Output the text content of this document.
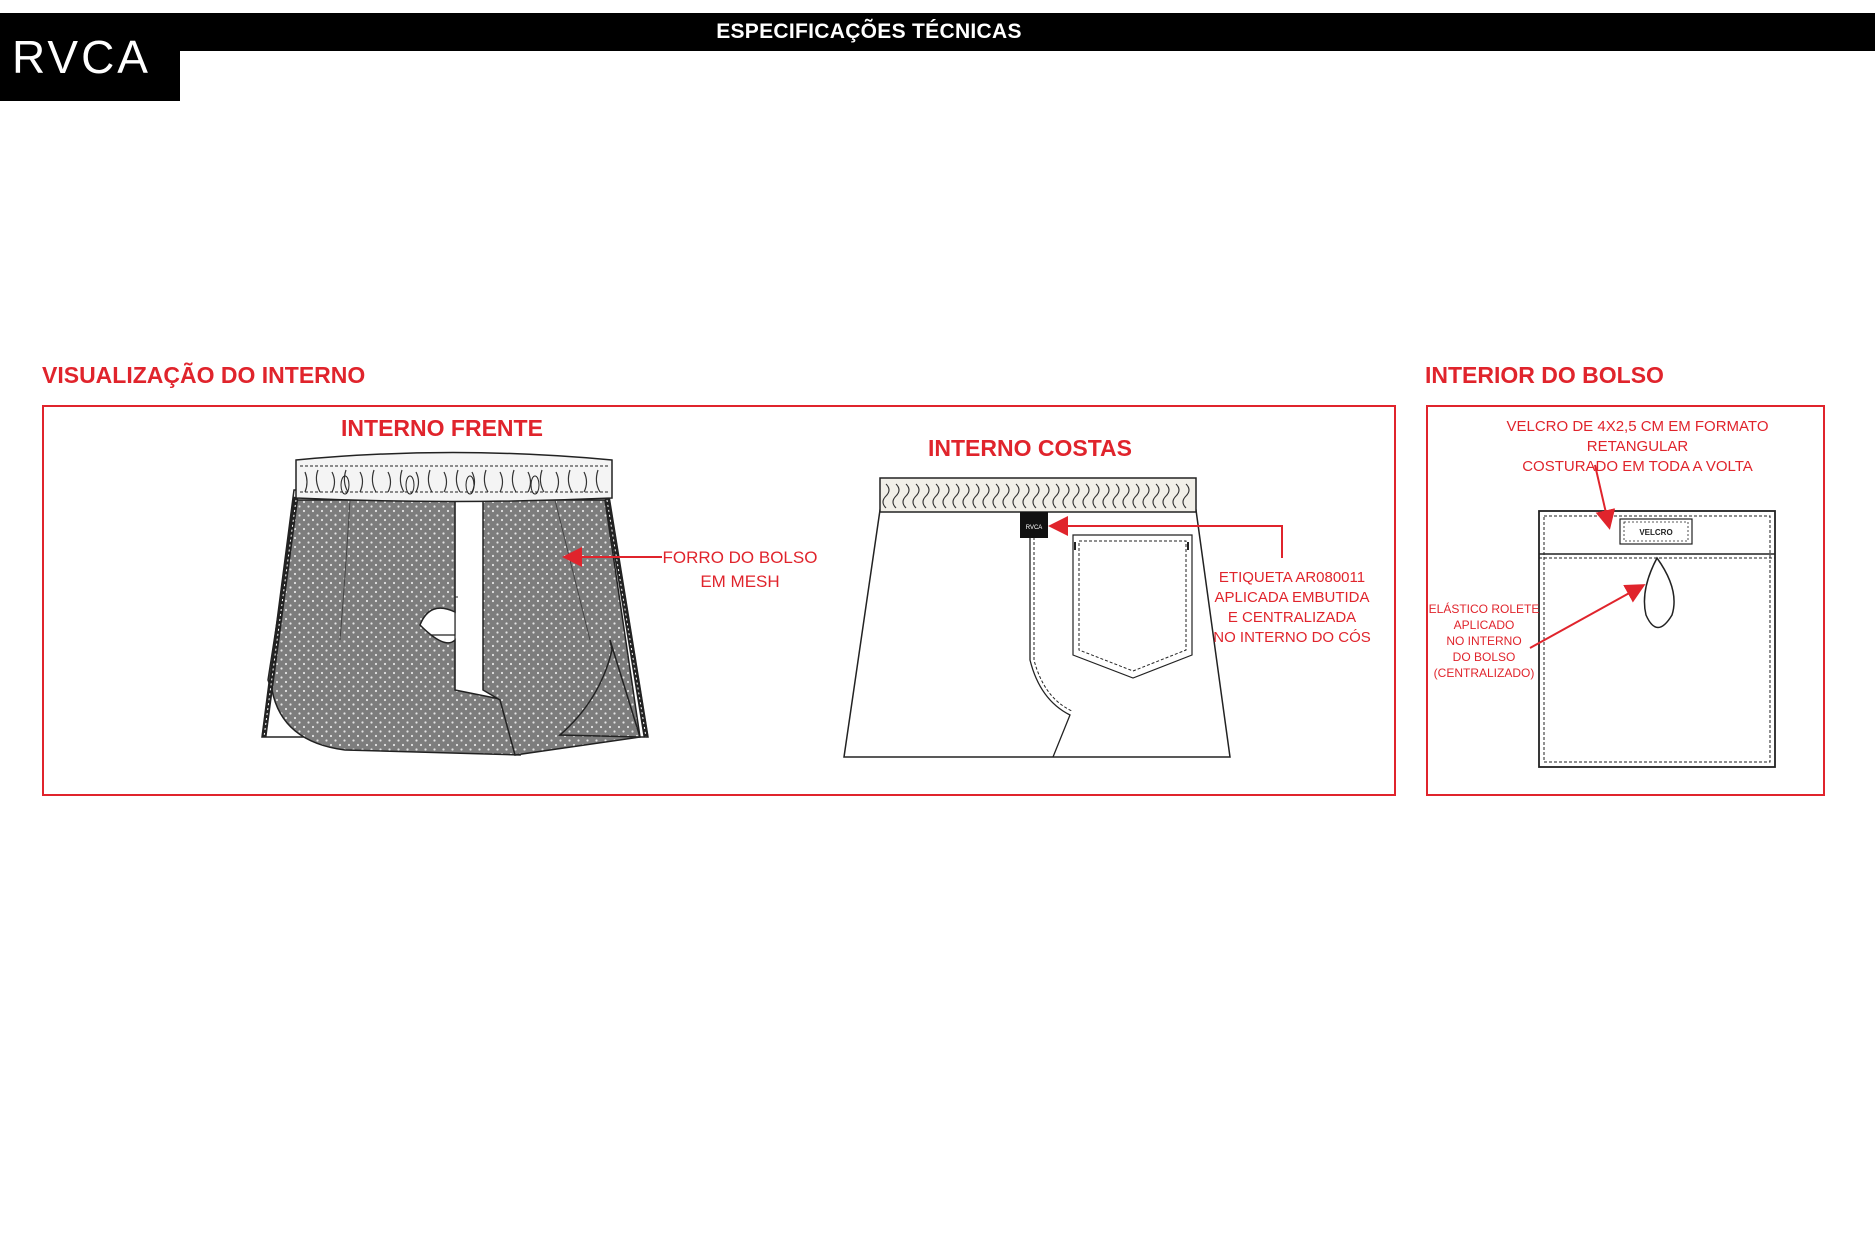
ESPECIFICAÇÕES TÉCNICAS
RVCA
VISUALIZAÇÃO DO INTERNO	INTERIOR DO BOLSO
INTERNO FRENTE
INTERNO COSTAS
RVCA	VELCRO
FORRO DO BOLSO
EM MESH	ETIQUETA AR080011
APLICADA EMBUTIDA
E CENTRALIZADA
NO INTERNO DO CÓS
VELCRO DE 4X2,5 CM EM FORMATO RETANGULAR
COSTURADO EM TODA A VOLTA
ELÁSTICO ROLETE
APLICADO
NO INTERNO
DO BOLSO
(CENTRALIZADO)
